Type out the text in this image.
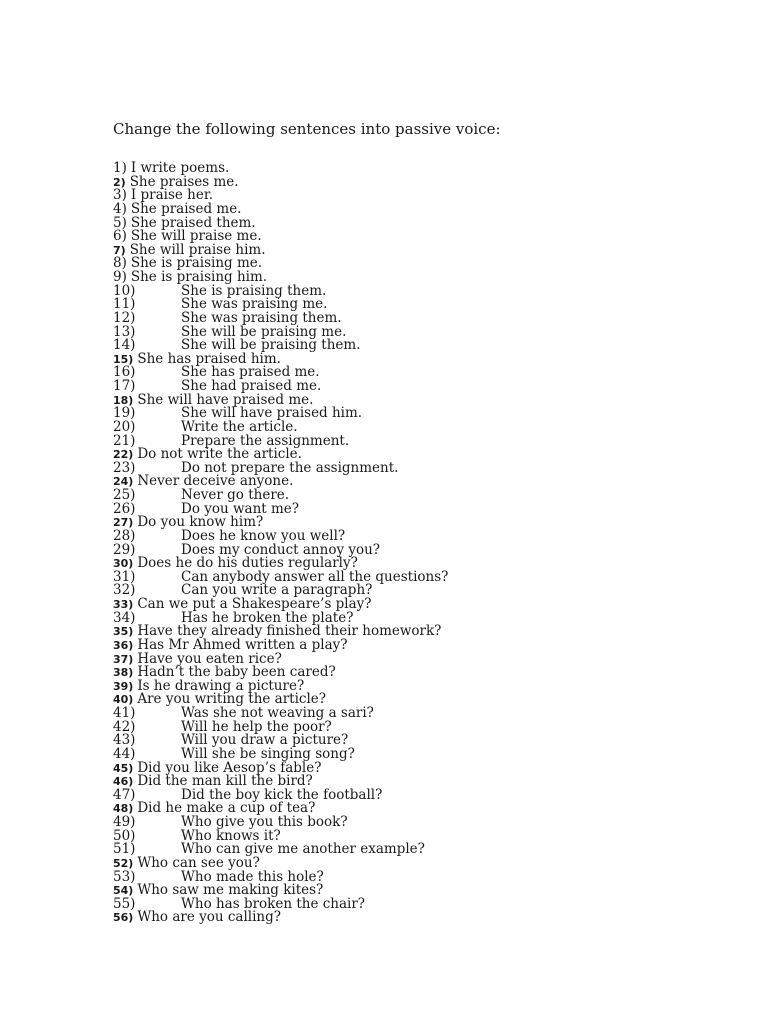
Change the following sentences into passive voice:
1) I write poems.
2) She praises me.
3) I praise her.
4) She praised me.
5) She praised them.
6) She will praise me.
7) She will praise him.
8) She is praising me.
9) She is praising him.
10)	She is praising them.
11)	She was praising me.
12)	She was praising them.
13)	She will be praising me.
14)	She will be praising them.
15) She has praised him.
16)	She has praised me.
17)	She had praised me.
18) She will have praised me.
19)	She will have praised him.
20)	Write the article.
21)	Prepare the assignment.
22) Do not write the article.
23)	Do not prepare the assignment.
24) Never deceive anyone.
25)	Never go there.
26)	Do you want me?
27) Do you know him?
28)	Does he know you well?
29)	Does my conduct annoy you?
30) Does he do his duties regularly?
31)	Can anybody answer all the questions?
32)	Can you write a paragraph?
33) Can we put a Shakespeare’s play?
34)	Has he broken the plate?
35) Have they already finished their homework?
36) Has Mr Ahmed written a play?
37) Have you eaten rice?
38) Hadn’t the baby been cared?
39) Is he drawing a picture?
40) Are you writing the article?
41)	Was she not weaving a sari?
42)	Will he help the poor?
43)	Will you draw a picture?
44)	Will she be singing song?
45) Did you like Aesop’s fable?
46) Did the man kill the bird?
47)	Did the boy kick the football?
48) Did he make a cup of tea?
49)	Who give you this book?
50)	Who knows it?
51)	Who can give me another example?
52) Who can see you?
53)	Who made this hole?
54) Who saw me making kites?
55)	Who has broken the chair?
56) Who are you calling?
